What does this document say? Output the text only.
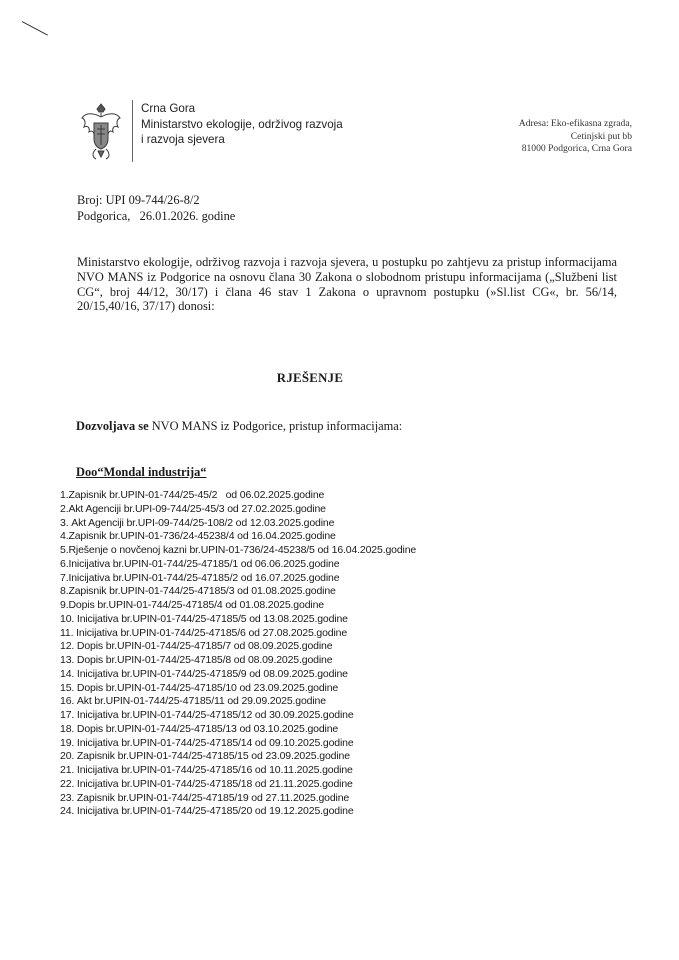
Crna Gora
Ministarstvo ekologije, održivog razvoja
i razvoja sjevera
Adresa: Eko-efikasna zgrada,
Cetinjski put bb
81000 Podgorica, Crna Gora
Broj: UPI 09-744/26-8/2
Podgorica,   26.01.2026. godine
Ministarstvo ekologije, održivog razvoja i razvoja sjevera, u postupku po zahtjevu za pristup informacijama NVO MANS iz Podgorice na osnovu člana 30 Zakona o slobodnom pristupu informacijama („Službeni list CG“, broj 44/12, 30/17) i člana 46 stav 1 Zakona o upravnom postupku (»Sl.list CG«, br. 56/14, 20/15,40/16, 37/17) donosi:
RJEŠENJE
Dozvoljava se NVO MANS iz Podgorice, pristup informacijama:
Doo“Mondal industrija“
1.Zapisnik br.UPIN-01-744/25-45/2   od 06.02.2025.godine
2.Akt Agenciji br.UPI-09-744/25-45/3 od 27.02.2025.godine
3. Akt Agenciji br.UPI-09-744/25-108/2 od 12.03.2025.godine
4.Zapisnik br.UPIN-01-736/24-45238/4 od 16.04.2025.godine
5.Rješenje o novčenoj kazni br.UPIN-01-736/24-45238/5 od 16.04.2025.godine
6.Inicijativa br.UPIN-01-744/25-47185/1 od 06.06.2025.godine
7.Inicijativa br.UPIN-01-744/25-47185/2 od 16.07.2025.godine
8.Zapisnik br.UPIN-01-744/25-47185/3 od 01.08.2025.godine
9.Dopis br.UPIN-01-744/25-47185/4 od 01.08.2025.godine
10. Inicijativa br.UPIN-01-744/25-47185/5 od 13.08.2025.godine
11. Inicijativa br.UPIN-01-744/25-47185/6 od 27.08.2025.godine
12. Dopis br.UPIN-01-744/25-47185/7 od 08.09.2025.godine
13. Dopis br.UPIN-01-744/25-47185/8 od 08.09.2025.godine
14. Inicijativa br.UPIN-01-744/25-47185/9 od 08.09.2025.godine
15. Dopis br.UPIN-01-744/25-47185/10 od 23.09.2025.godine
16. Akt br.UPIN-01-744/25-47185/11 od 29.09.2025.godine
17. Inicijativa br.UPIN-01-744/25-47185/12 od 30.09.2025.godine
18. Dopis br.UPIN-01-744/25-47185/13 od 03.10.2025.godine
19. Inicijativa br.UPIN-01-744/25-47185/14 od 09.10.2025.godine
20. Zapisnik br.UPIN-01-744/25-47185/15 od 23.09.2025.godine
21. Inicijativa br.UPIN-01-744/25-47185/16 od 10.11.2025.godine
22. Inicijativa br.UPIN-01-744/25-47185/18 od 21.11.2025.godine
23. Zapisnik br.UPIN-01-744/25-47185/19 od 27.11.2025.godine
24. Inicijativa br.UPIN-01-744/25-47185/20 od 19.12.2025.godine
